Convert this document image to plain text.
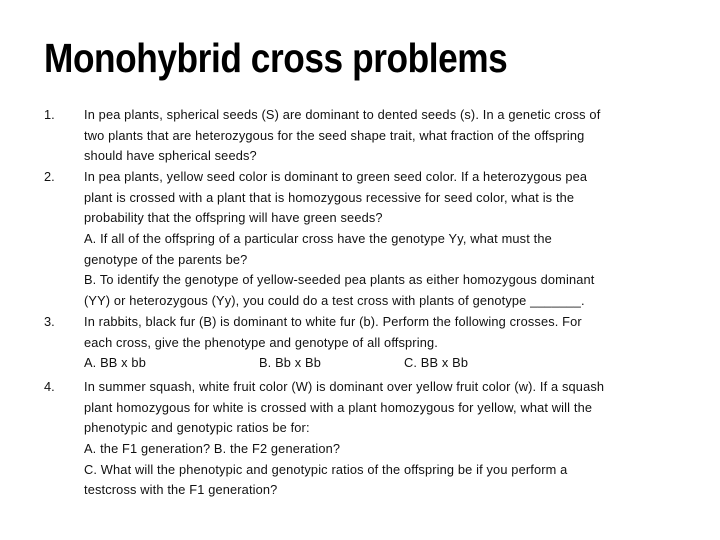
Monohybrid cross problems
1. In pea plants, spherical seeds (S) are dominant to dented seeds (s). In a genetic cross of
two plants that are heterozygous for the seed shape trait, what fraction of the offspring
should have spherical seeds?
2. In pea plants, yellow seed color is dominant to green seed color. If a heterozygous pea
plant is crossed with a plant that is homozygous recessive for seed color, what is the
probability that the offspring will have green seeds?
A. If all of the offspring of a particular cross have the genotype Yy, what must the
genotype of the parents be?
B. To identify the genotype of yellow-seeded pea plants as either homozygous dominant
(YY) or heterozygous (Yy), you could do a test cross with plants of genotype _______.
3. In rabbits, black fur (B) is dominant to white fur (b). Perform the following crosses. For
each cross, give the phenotype and genotype of all offspring.
A. BB x bb	B. Bb x Bb	C. BB x Bb
4. In summer squash, white fruit color (W) is dominant over yellow fruit color (w). If a squash
plant homozygous for white is crossed with a plant homozygous for yellow, what will the
phenotypic and genotypic ratios be for:
A. the F1 generation? B. the F2 generation?
C. What will the phenotypic and genotypic ratios of the offspring be if you perform a
testcross with the F1 generation?
